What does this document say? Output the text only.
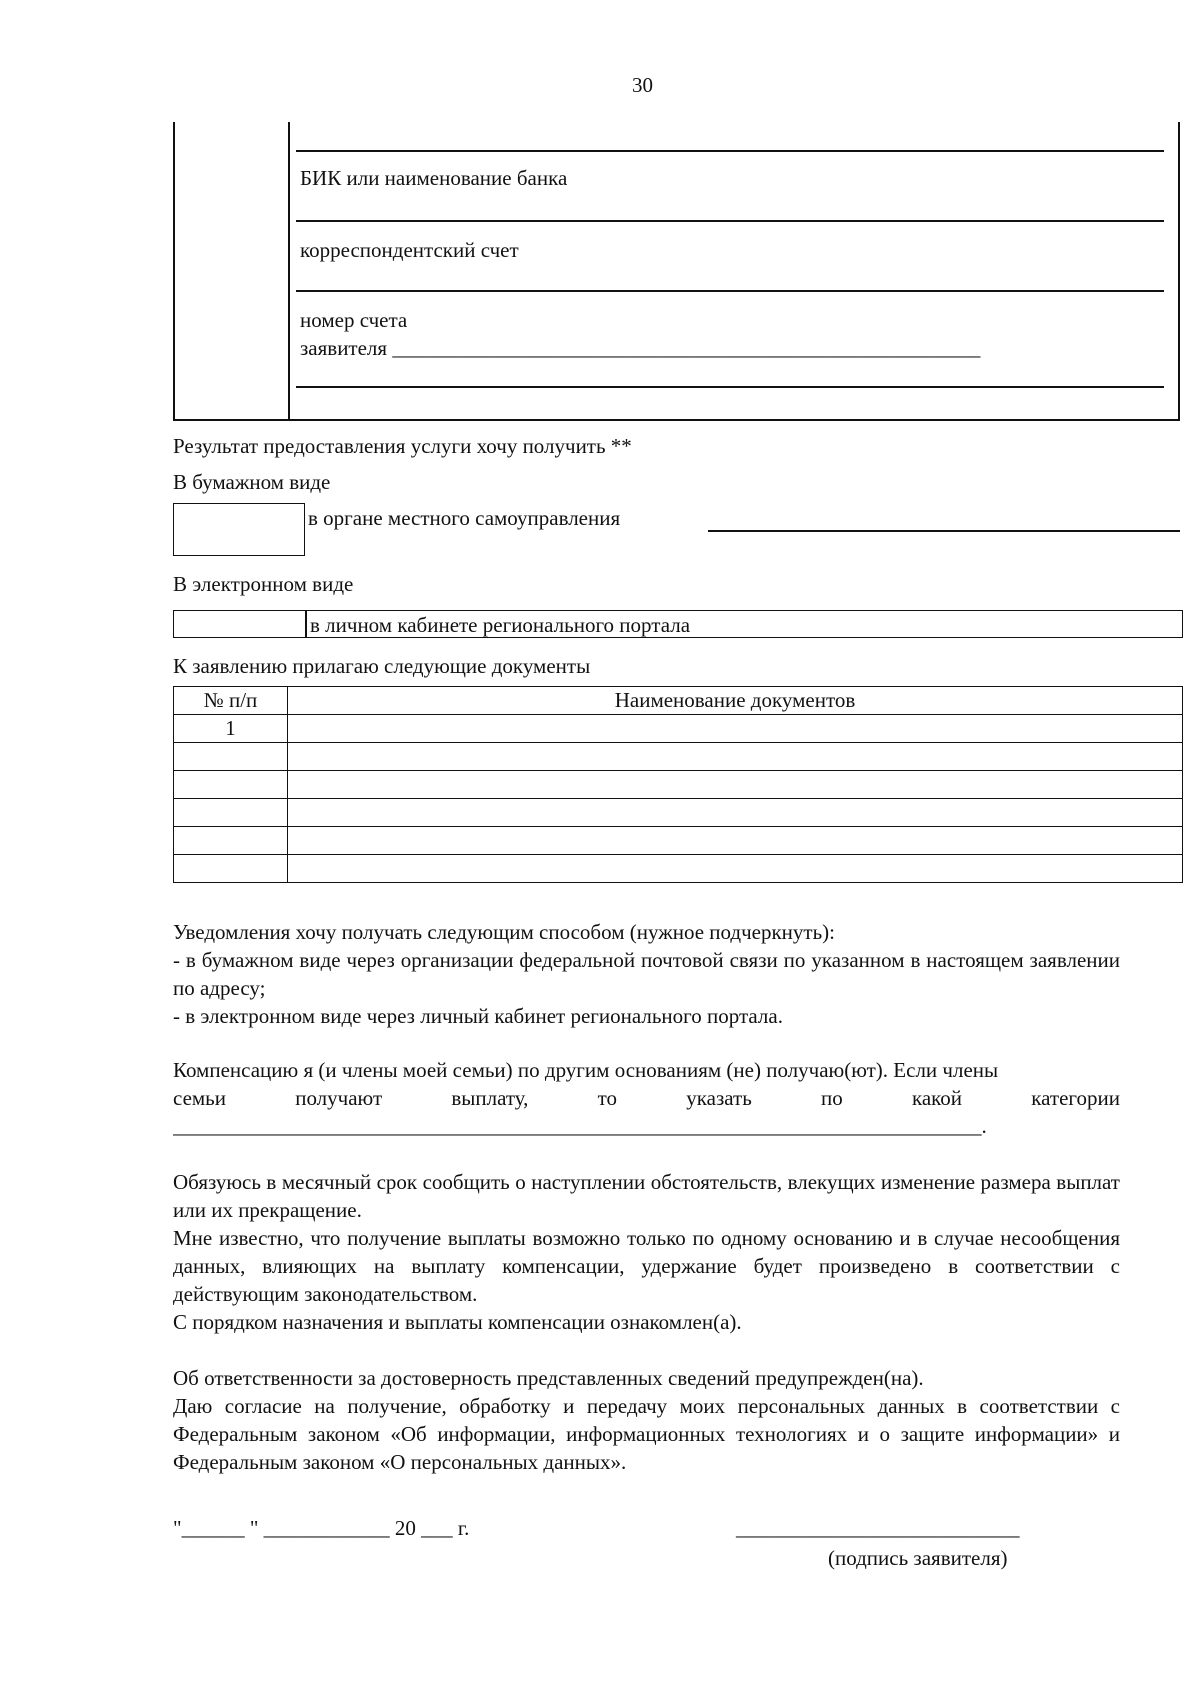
30
БИК или наименование банка
корреспондентский счет
номер счета
заявителя ________________________________________________________
Результат предоставления услуги хочу получить **
В бумажном виде
в органе местного самоуправления
В электронном виде
в личном кабинете регионального портала
К заявлению прилагаю следующие документы
№ п/п	Наименование документов
1	

Уведомления хочу получать следующим способом (нужное подчеркнуть):

- в бумажном виде через организации федеральной почтовой связи по указанном в настоящем заявлении по адресу;

- в электронном виде через личный кабинет регионального портала.

Компенсацию я (и члены моей семьи) по другим основаниям (не) получаю(ют). Если члены

семьи получают выплату, то указать по какой категории

_____________________________________________________________________________.

Обязуюсь в месячный срок сообщить о наступлении обстоятельств, влекущих изменение размера выплат или их прекращение.

Мне известно, что получение выплаты возможно только по одному основанию и в случае несообщения данных, влияющих на выплату компенсации, удержание будет произведено в соответствии с действующим законодательством.

С порядком назначения и выплаты компенсации ознакомлен(а).

Об ответственности за достоверность представленных сведений предупрежден(на).

Даю согласие на получение, обработку и передачу моих персональных данных в соответствии с Федеральным законом «Об информации, информационных технологиях и о защите информации» и Федеральным законом «О персональных данных».

"______ " ____________ 20 ___ г.	___________________________
(подпись заявителя)
